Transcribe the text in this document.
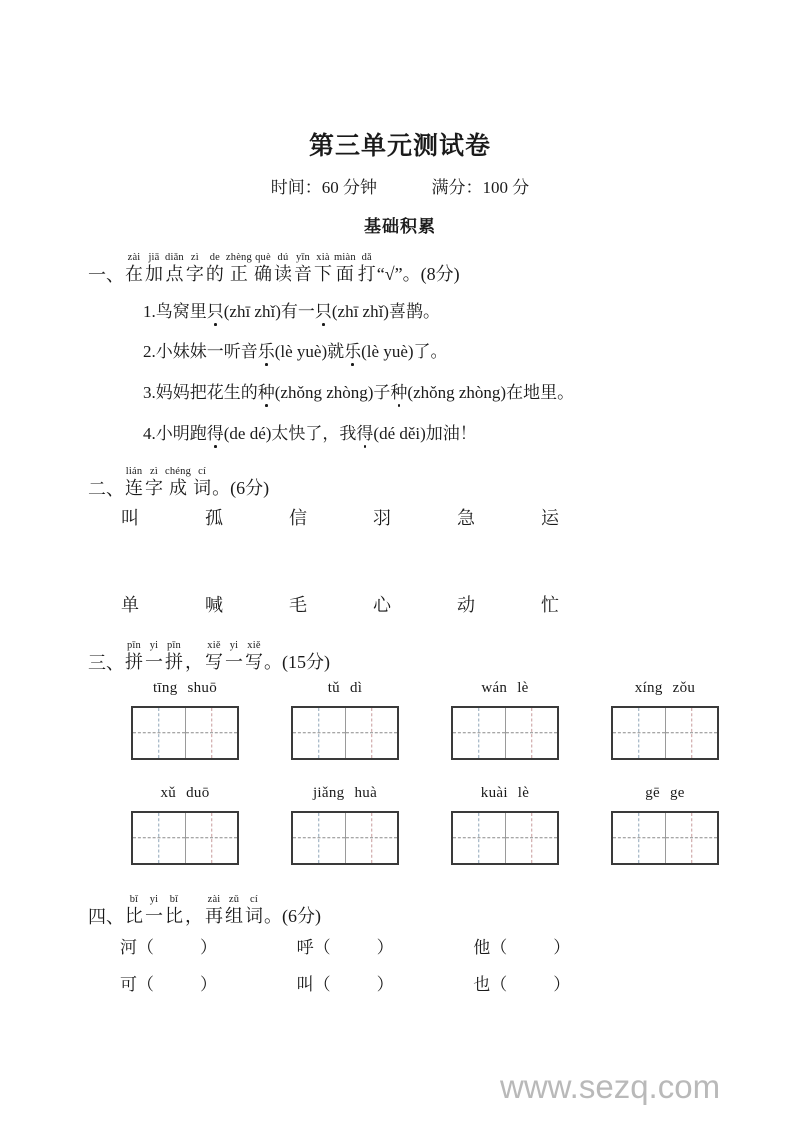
第三单元测试卷
时间：60 分钟	满分：100 分
基础积累
一、
zài
在
jiā
加
diǎn
点
zì
字
de
的
zhèng
正
què
确
dú
读
yīn
音
xià
下
miàn
面
dǎ
打 “√”。(8分)
1.鸟窝里只(zhī zhǐ)有一只(zhī zhǐ)喜鹊。
2.小妹妹一听音乐(lè yuè)就乐(lè yuè)了。
3.妈妈把花生的种(zhǒng zhòng)子种(zhǒng zhòng)在地里。
4.小明跑得(de dé)太快了，我得(dé děi)加油！
二、
lián
连
zì
字
chéng
成
cí
词 。(6分)
叫	孤	信	羽	急	运
单	喊	毛	心	动	忙
三、
pīn
拼
yi
一
pīn
拼
，
xiě
写
yi
一
xiě
写 。(15分)
tīng shuō	tǔ dì	wán lè	xíng zǒu
xǔ duō	jiǎng huà	kuài lè	gē ge
四、
bǐ
比
yi
一
bǐ
比
，
zài
再
zǔ
组
cí
词 。(6分)
河（	）	呼（	）	他（	）
可（	）	叫（	）	也（	）
www.sezq.com
